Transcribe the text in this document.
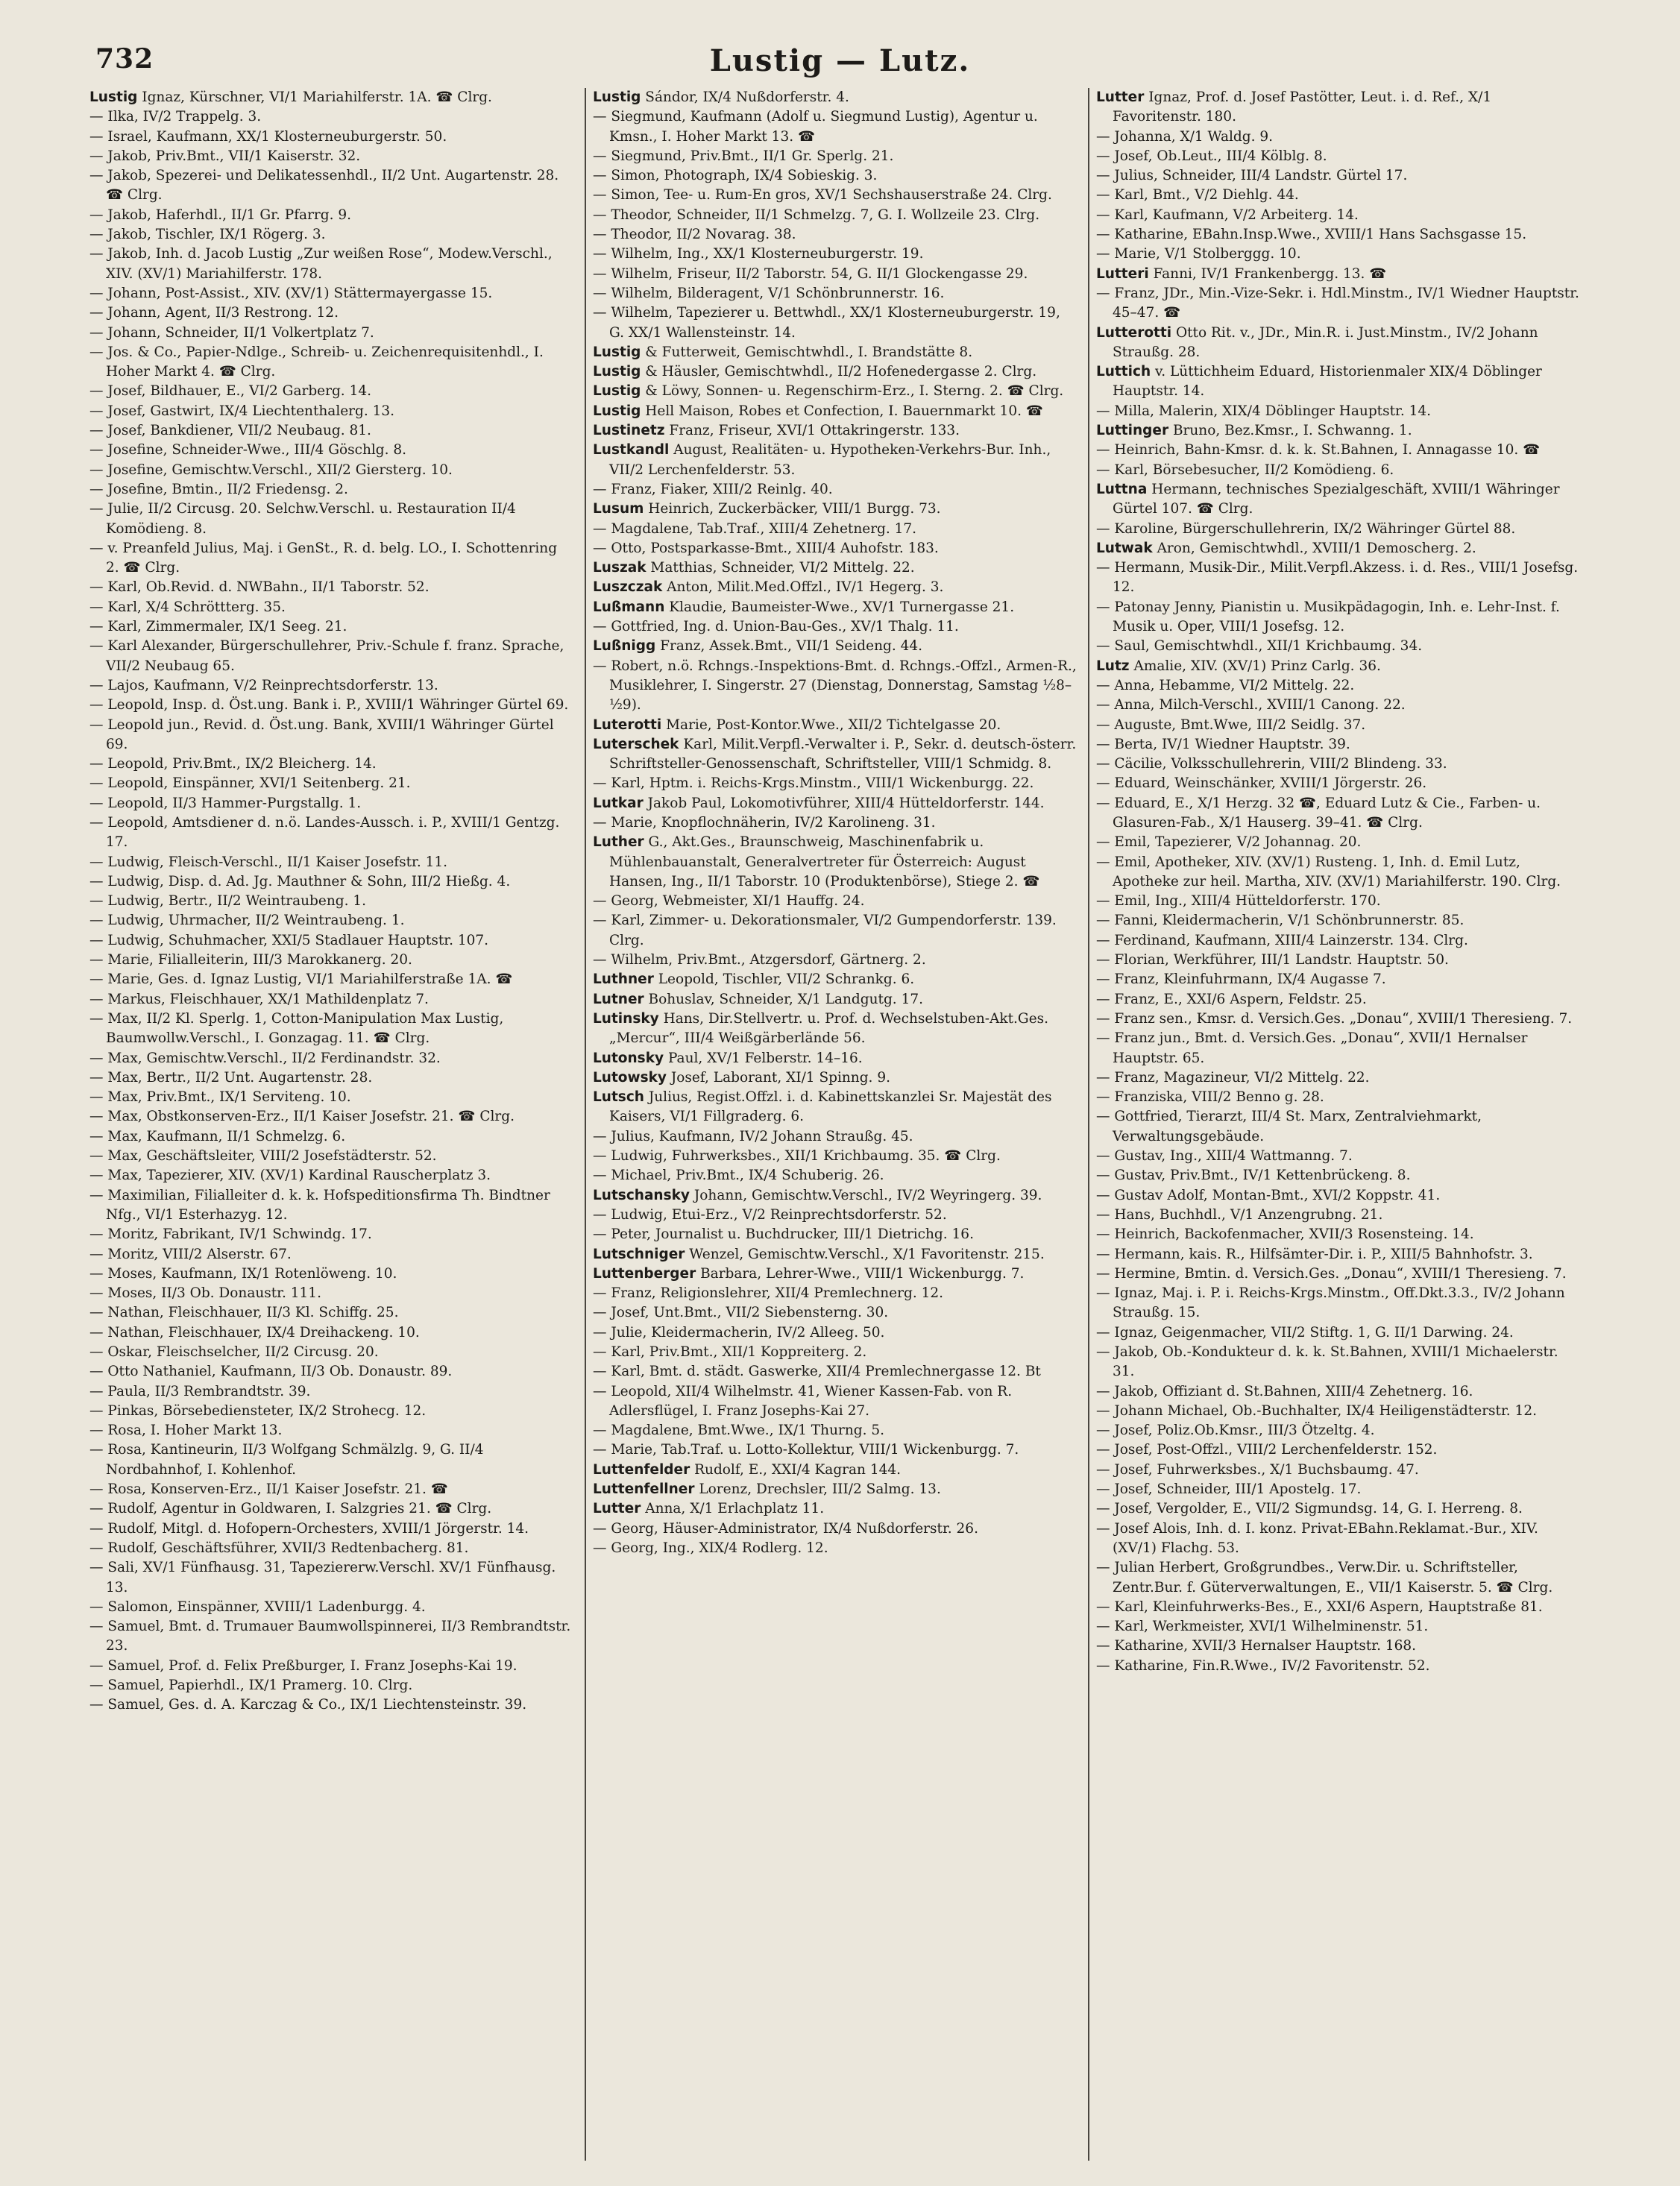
732	Lustig — Lutz.
Lustig Ignaz, Kürschner, VI/1 Mariahilferstr. 1A. ☎ Clrg.
— Ilka, IV/2 Trappelg. 3.
— Israel, Kaufmann, XX/1 Klosterneuburgerstr. 50.
— Jakob, Priv.Bmt., VII/1 Kaiserstr. 32.
— Jakob, Spezerei- und Delikatessenhdl., II/2 Unt. Augartenstr. 28. ☎ Clrg.
— Jakob, Haferhdl., II/1 Gr. Pfarrg. 9.
— Jakob, Tischler, IX/1 Rögerg. 3.
— Jakob, Inh. d. Jacob Lustig „Zur weißen Rose“, Modew.Verschl., XIV. (XV/1) Mariahilferstr. 178.
— Johann, Post-Assist., XIV. (XV/1) Stättermayergasse 15.
— Johann, Agent, II/3 Restrong. 12.
— Johann, Schneider, II/1 Volkertplatz 7.
— Jos. & Co., Papier-Ndlge., Schreib- u. Zeichenrequisitenhdl., I. Hoher Markt 4. ☎ Clrg.
— Josef, Bildhauer, E., VI/2 Garberg. 14.
— Josef, Gastwirt, IX/4 Liechtenthalerg. 13.
— Josef, Bankdiener, VII/2 Neubaug. 81.
— Josefine, Schneider-Wwe., III/4 Göschlg. 8.
— Josefine, Gemischtw.Verschl., XII/2 Giersterg. 10.
— Josefine, Bmtin., II/2 Friedensg. 2.
— Julie, II/2 Circusg. 20. Selchw.Verschl. u. Restauration II/4 Komödieng. 8.
— v. Preanfeld Julius, Maj. i GenSt., R. d. belg. LO., I. Schottenring 2. ☎ Clrg.
— Karl, Ob.Revid. d. NWBahn., II/1 Taborstr. 52.
— Karl, X/4 Schröttterg. 35.
— Karl, Zimmermaler, IX/1 Seeg. 21.
— Karl Alexander, Bürgerschullehrer, Priv.-Schule f. franz. Sprache, VII/2 Neubaug 65.
— Lajos, Kaufmann, V/2 Reinprechtsdorferstr. 13.
— Leopold, Insp. d. Öst.ung. Bank i. P., XVIII/1 Währinger Gürtel 69.
— Leopold jun., Revid. d. Öst.ung. Bank, XVIII/1 Währinger Gürtel 69.
— Leopold, Priv.Bmt., IX/2 Bleicherg. 14.
— Leopold, Einspänner, XVI/1 Seitenberg. 21.
— Leopold, II/3 Hammer-Purgstallg. 1.
— Leopold, Amtsdiener d. n.ö. Landes-Aussch. i. P., XVIII/1 Gentzg. 17.
— Ludwig, Fleisch-Verschl., II/1 Kaiser Josefstr. 11.
— Ludwig, Disp. d. Ad. Jg. Mauthner & Sohn, III/2 Hießg. 4.
— Ludwig, Bertr., II/2 Weintraubeng. 1.
— Ludwig, Uhrmacher, II/2 Weintraubeng. 1.
— Ludwig, Schuhmacher, XXI/5 Stadlauer Hauptstr. 107.
— Marie, Filialleiterin, III/3 Marokkanerg. 20.
— Marie, Ges. d. Ignaz Lustig, VI/1 Mariahilferstraße 1A. ☎
— Markus, Fleischhauer, XX/1 Mathildenplatz 7.
— Max, II/2 Kl. Sperlg. 1, Cotton-Manipulation Max Lustig, Baumwollw.Verschl., I. Gonzagag. 11. ☎ Clrg.
— Max, Gemischtw.Verschl., II/2 Ferdinandstr. 32.
— Max, Bertr., II/2 Unt. Augartenstr. 28.
— Max, Priv.Bmt., IX/1 Serviteng. 10.
— Max, Obstkonserven-Erz., II/1 Kaiser Josefstr. 21. ☎ Clrg.
— Max, Kaufmann, II/1 Schmelzg. 6.
— Max, Geschäftsleiter, VIII/2 Josefstädterstr. 52.
— Max, Tapezierer, XIV. (XV/1) Kardinal Rauscherplatz 3.
— Maximilian, Filialleiter d. k. k. Hofspeditionsfirma Th. Bindtner Nfg., VI/1 Esterhazyg. 12.
— Moritz, Fabrikant, IV/1 Schwindg. 17.
— Moritz, VIII/2 Alserstr. 67.
— Moses, Kaufmann, IX/1 Rotenlöweng. 10.
— Moses, II/3 Ob. Donaustr. 111.
— Nathan, Fleischhauer, II/3 Kl. Schiffg. 25.
— Nathan, Fleischhauer, IX/4 Dreihackeng. 10.
— Oskar, Fleischselcher, II/2 Circusg. 20.
— Otto Nathaniel, Kaufmann, II/3 Ob. Donaustr. 89.
— Paula, II/3 Rembrandtstr. 39.
— Pinkas, Börsebediensteter, IX/2 Strohecg. 12.
— Rosa, I. Hoher Markt 13.
— Rosa, Kantineurin, II/3 Wolfgang Schmälzlg. 9, G. II/4 Nordbahnhof, I. Kohlenhof.
— Rosa, Konserven-Erz., II/1 Kaiser Josefstr. 21. ☎
— Rudolf, Agentur in Goldwaren, I. Salzgries 21. ☎ Clrg.
— Rudolf, Mitgl. d. Hofopern-Orchesters, XVIII/1 Jörgerstr. 14.
— Rudolf, Geschäftsführer, XVII/3 Redtenbacherg. 81.
— Sali, XV/1 Fünfhausg. 31, Tapeziererw.Verschl. XV/1 Fünfhausg. 13.
— Salomon, Einspänner, XVIII/1 Ladenburgg. 4.
— Samuel, Bmt. d. Trumauer Baumwollspinnerei, II/3 Rembrandtstr. 23.
— Samuel, Prof. d. Felix Preßburger, I. Franz Josephs-Kai 19.
— Samuel, Papierhdl., IX/1 Pramerg. 10. Clrg.
— Samuel, Ges. d. A. Karczag & Co., IX/1 Liechtensteinstr. 39.
Lustig Sándor, IX/4 Nußdorferstr. 4.
— Siegmund, Kaufmann (Adolf u. Siegmund Lustig), Agentur u. Kmsn., I. Hoher Markt 13. ☎
— Siegmund, Priv.Bmt., II/1 Gr. Sperlg. 21.
— Simon, Photograph, IX/4 Sobieskig. 3.
— Simon, Tee- u. Rum-En gros, XV/1 Sechshauserstraße 24. Clrg.
— Theodor, Schneider, II/1 Schmelzg. 7, G. I. Wollzeile 23. Clrg.
— Theodor, II/2 Novarag. 38.
— Wilhelm, Ing., XX/1 Klosterneuburgerstr. 19.
— Wilhelm, Friseur, II/2 Taborstr. 54, G. II/1 Glockengasse 29.
— Wilhelm, Bilderagent, V/1 Schönbrunnerstr. 16.
— Wilhelm, Tapezierer u. Bettwhdl., XX/1 Klosterneuburgerstr. 19, G. XX/1 Wallensteinstr. 14.
Lustig & Futterweit, Gemischtwhdl., I. Brandstätte 8.
Lustig & Häusler, Gemischtwhdl., II/2 Hofenedergasse 2. Clrg.
Lustig & Löwy, Sonnen- u. Regenschirm-Erz., I. Sterng. 2. ☎ Clrg.
Lustig Hell Maison, Robes et Confection, I. Bauernmarkt 10. ☎
Lustinetz Franz, Friseur, XVI/1 Ottakringerstr. 133.
Lustkandl August, Realitäten- u. Hypotheken-Verkehrs-Bur. Inh., VII/2 Lerchenfelderstr. 53.
— Franz, Fiaker, XIII/2 Reinlg. 40.
Lusum Heinrich, Zuckerbäcker, VIII/1 Burgg. 73.
— Magdalene, Tab.Traf., XIII/4 Zehetnerg. 17.
— Otto, Postsparkasse-Bmt., XIII/4 Auhofstr. 183.
Luszak Matthias, Schneider, VI/2 Mittelg. 22.
Luszczak Anton, Milit.Med.Offzl., IV/1 Hegerg. 3.
Lußmann Klaudie, Baumeister-Wwe., XV/1 Turnergasse 21.
— Gottfried, Ing. d. Union-Bau-Ges., XV/1 Thalg. 11.
Lußnigg Franz, Assek.Bmt., VII/1 Seideng. 44.
— Robert, n.ö. Rchngs.-Inspektions-Bmt. d. Rchngs.-Offzl., Armen-R., Musiklehrer, I. Singerstr. 27 (Dienstag, Donnerstag, Samstag ½8–½9).
Luterotti Marie, Post-Kontor.Wwe., XII/2 Tichtelgasse 20.
Luterschek Karl, Milit.Verpfl.-Verwalter i. P., Sekr. d. deutsch-österr. Schriftsteller-Genossenschaft, Schriftsteller, VIII/1 Schmidg. 8.
— Karl, Hptm. i. Reichs-Krgs.Minstm., VIII/1 Wickenburgg. 22.
Lutkar Jakob Paul, Lokomotivführer, XIII/4 Hütteldorferstr. 144.
— Marie, Knopflochnäherin, IV/2 Karolineng. 31.
Luther G., Akt.Ges., Braunschweig, Maschinenfabrik u. Mühlenbauanstalt, Generalvertreter für Österreich: August Hansen, Ing., II/1 Taborstr. 10 (Produktenbörse), Stiege 2. ☎
— Georg, Webmeister, XI/1 Hauffg. 24.
— Karl, Zimmer- u. Dekorationsmaler, VI/2 Gumpendorferstr. 139. Clrg.
— Wilhelm, Priv.Bmt., Atzgersdorf, Gärtnerg. 2.
Luthner Leopold, Tischler, VII/2 Schrankg. 6.
Lutner Bohuslav, Schneider, X/1 Landgutg. 17.
Lutinsky Hans, Dir.Stellvertr. u. Prof. d. Wechselstuben-Akt.Ges. „Mercur“, III/4 Weißgärberlände 56.
Lutonsky Paul, XV/1 Felberstr. 14–16.
Lutowsky Josef, Laborant, XI/1 Spinng. 9.
Lutsch Julius, Regist.Offzl. i. d. Kabinettskanzlei Sr. Majestät des Kaisers, VI/1 Fillgraderg. 6.
— Julius, Kaufmann, IV/2 Johann Straußg. 45.
— Ludwig, Fuhrwerksbes., XII/1 Krichbaumg. 35. ☎ Clrg.
— Michael, Priv.Bmt., IX/4 Schuberig. 26.
Lutschansky Johann, Gemischtw.Verschl., IV/2 Weyringerg. 39.
— Ludwig, Etui-Erz., V/2 Reinprechtsdorferstr. 52.
— Peter, Journalist u. Buchdrucker, III/1 Dietrichg. 16.
Lutschniger Wenzel, Gemischtw.Verschl., X/1 Favoritenstr. 215.
Luttenberger Barbara, Lehrer-Wwe., VIII/1 Wickenburgg. 7.
— Franz, Religionslehrer, XII/4 Premlechnerg. 12.
— Josef, Unt.Bmt., VII/2 Siebensterng. 30.
— Julie, Kleidermacherin, IV/2 Alleeg. 50.
— Karl, Priv.Bmt., XII/1 Koppreiterg. 2.
— Karl, Bmt. d. städt. Gaswerke, XII/4 Premlechnergasse 12. Bt
— Leopold, XII/4 Wilhelmstr. 41, Wiener Kassen-Fab. von R. Adlersflügel, I. Franz Josephs-Kai 27.
— Magdalene, Bmt.Wwe., IX/1 Thurng. 5.
— Marie, Tab.Traf. u. Lotto-Kollektur, VIII/1 Wickenburgg. 7.
Luttenfelder Rudolf, E., XXI/4 Kagran 144.
Luttenfellner Lorenz, Drechsler, III/2 Salmg. 13.
Lutter Anna, X/1 Erlachplatz 11.
— Georg, Häuser-Administrator, IX/4 Nußdorferstr. 26.
— Georg, Ing., XIX/4 Rodlerg. 12.
Lutter Ignaz, Prof. d. Josef Pastötter, Leut. i. d. Ref., X/1 Favoritenstr. 180.
— Johanna, X/1 Waldg. 9.
— Josef, Ob.Leut., III/4 Kölblg. 8.
— Julius, Schneider, III/4 Landstr. Gürtel 17.
— Karl, Bmt., V/2 Diehlg. 44.
— Karl, Kaufmann, V/2 Arbeiterg. 14.
— Katharine, EBahn.Insp.Wwe., XVIII/1 Hans Sachsgasse 15.
— Marie, V/1 Stolberggg. 10.
Lutteri Fanni, IV/1 Frankenbergg. 13. ☎
— Franz, JDr., Min.-Vize-Sekr. i. Hdl.Minstm., IV/1 Wiedner Hauptstr. 45–47. ☎
Lutterotti Otto Rit. v., JDr., Min.R. i. Just.Minstm., IV/2 Johann Straußg. 28.
Luttich v. Lüttichheim Eduard, Historienmaler XIX/4 Döblinger Hauptstr. 14.
— Milla, Malerin, XIX/4 Döblinger Hauptstr. 14.
Luttinger Bruno, Bez.Kmsr., I. Schwanng. 1.
— Heinrich, Bahn-Kmsr. d. k. k. St.Bahnen, I. Annagasse 10. ☎
— Karl, Börsebesucher, II/2 Komödieng. 6.
Luttna Hermann, technisches Spezialgeschäft, XVIII/1 Währinger Gürtel 107. ☎ Clrg.
— Karoline, Bürgerschullehrerin, IX/2 Währinger Gürtel 88.
Lutwak Aron, Gemischtwhdl., XVIII/1 Demoscherg. 2.
— Hermann, Musik-Dir., Milit.Verpfl.Akzess. i. d. Res., VIII/1 Josefsg. 12.
— Patonay Jenny, Pianistin u. Musikpädagogin, Inh. e. Lehr-Inst. f. Musik u. Oper, VIII/1 Josefsg. 12.
— Saul, Gemischtwhdl., XII/1 Krichbaumg. 34.
Lutz Amalie, XIV. (XV/1) Prinz Carlg. 36.
— Anna, Hebamme, VI/2 Mittelg. 22.
— Anna, Milch-Verschl., XVIII/1 Canong. 22.
— Auguste, Bmt.Wwe, III/2 Seidlg. 37.
— Berta, IV/1 Wiedner Hauptstr. 39.
— Cäcilie, Volksschullehrerin, VIII/2 Blindeng. 33.
— Eduard, Weinschänker, XVIII/1 Jörgerstr. 26.
— Eduard, E., X/1 Herzg. 32 ☎, Eduard Lutz & Cie., Farben- u. Glasuren-Fab., X/1 Hauserg. 39–41. ☎ Clrg.
— Emil, Tapezierer, V/2 Johannag. 20.
— Emil, Apotheker, XIV. (XV/1) Rusteng. 1, Inh. d. Emil Lutz, Apotheke zur heil. Martha, XIV. (XV/1) Mariahilferstr. 190. Clrg.
— Emil, Ing., XIII/4 Hütteldorferstr. 170.
— Fanni, Kleidermacherin, V/1 Schönbrunnerstr. 85.
— Ferdinand, Kaufmann, XIII/4 Lainzerstr. 134. Clrg.
— Florian, Werkführer, III/1 Landstr. Hauptstr. 50.
— Franz, Kleinfuhrmann, IX/4 Augasse 7.
— Franz, E., XXI/6 Aspern, Feldstr. 25.
— Franz sen., Kmsr. d. Versich.Ges. „Donau“, XVIII/1 Theresieng. 7.
— Franz jun., Bmt. d. Versich.Ges. „Donau“, XVII/1 Hernalser Hauptstr. 65.
— Franz, Magazineur, VI/2 Mittelg. 22.
— Franziska, VIII/2 Benno g. 28.
— Gottfried, Tierarzt, III/4 St. Marx, Zentralviehmarkt, Verwaltungsgebäude.
— Gustav, Ing., XIII/4 Wattmanng. 7.
— Gustav, Priv.Bmt., IV/1 Kettenbrückeng. 8.
— Gustav Adolf, Montan-Bmt., XVI/2 Koppstr. 41.
— Hans, Buchhdl., V/1 Anzengrubng. 21.
— Heinrich, Backofenmacher, XVII/3 Rosensteing. 14.
— Hermann, kais. R., Hilfsämter-Dir. i. P., XIII/5 Bahnhofstr. 3.
— Hermine, Bmtin. d. Versich.Ges. „Donau“, XVIII/1 Theresieng. 7.
— Ignaz, Maj. i. P. i. Reichs-Krgs.Minstm., Off.Dkt.3.3., IV/2 Johann Straußg. 15.
— Ignaz, Geigenmacher, VII/2 Stiftg. 1, G. II/1 Darwing. 24.
— Jakob, Ob.-Kondukteur d. k. k. St.Bahnen, XVIII/1 Michaelerstr. 31.
— Jakob, Offiziant d. St.Bahnen, XIII/4 Zehetnerg. 16.
— Johann Michael, Ob.-Buchhalter, IX/4 Heiligenstädterstr. 12.
— Josef, Poliz.Ob.Kmsr., III/3 Ötzeltg. 4.
— Josef, Post-Offzl., VIII/2 Lerchenfelderstr. 152.
— Josef, Fuhrwerksbes., X/1 Buchsbaumg. 47.
— Josef, Schneider, III/1 Apostelg. 17.
— Josef, Vergolder, E., VII/2 Sigmundsg. 14, G. I. Herreng. 8.
— Josef Alois, Inh. d. I. konz. Privat-EBahn.Reklamat.-Bur., XIV. (XV/1) Flachg. 53.
— Julian Herbert, Großgrundbes., Verw.Dir. u. Schriftsteller, Zentr.Bur. f. Güterverwaltungen, E., VII/1 Kaiserstr. 5. ☎ Clrg.
— Karl, Kleinfuhrwerks-Bes., E., XXI/6 Aspern, Hauptstraße 81.
— Karl, Werkmeister, XVI/1 Wilhelminenstr. 51.
— Katharine, XVII/3 Hernalser Hauptstr. 168.
— Katharine, Fin.R.Wwe., IV/2 Favoritenstr. 52.
